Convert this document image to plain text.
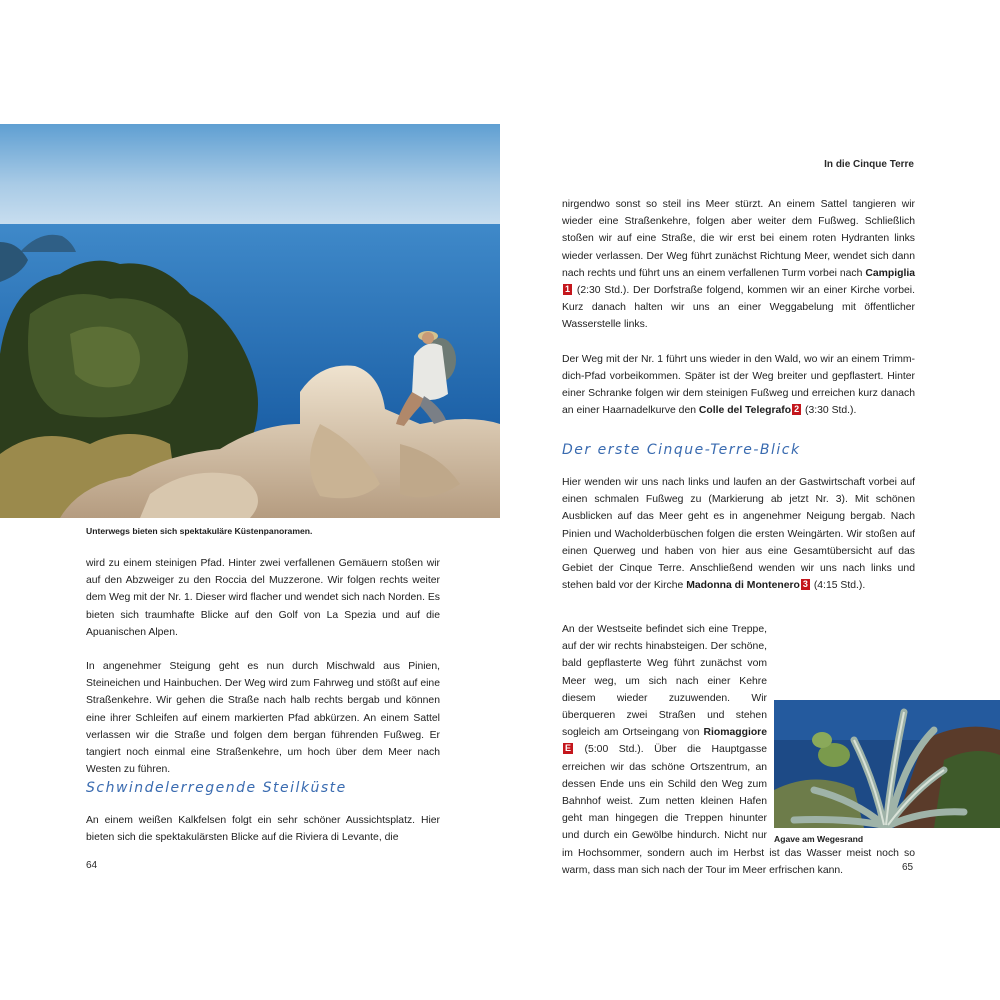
Unterwegs bieten sich spektakuläre Küstenpanoramen.

wird zu einem steinigen Pfad. Hinter zwei verfallenen Gemäuern stoßen wir auf den Abzweiger zu den Roccia del Muzzerone. Wir folgen rechts weiter dem Weg mit der Nr. 1. Dieser wird flacher und wendet sich nach Norden. Es bieten sich traumhafte Blicke auf den Golf von La Spezia und auf die Apuanischen Alpen.

In angenehmer Steigung geht es nun durch Mischwald aus Pinien, Steineichen und Hainbuchen. Der Weg wird zum Fahrweg und stößt auf eine Straßenkehre. Wir gehen die Straße nach halb rechts bergab und können eine ihrer Schleifen auf einem markierten Pfad abkürzen. An einem Sattel verlassen wir die Straße und folgen dem bergan führenden Fußweg. Er tangiert noch einmal eine Straßenkehre, um hoch über dem Meer nach Westen zu führen.

Schwindelerregende Steilküste

An einem weißen Kalkfelsen folgt ein sehr schöner Aussichtsplatz. Hier bieten sich die spektakulärsten Blicke auf die Riviera di Levante, die

64
In die Cinque Terre

nirgendwo sonst so steil ins Meer stürzt. An einem Sattel tangieren wir wieder eine Straßenkehre, folgen aber weiter dem Fußweg. Schließlich stoßen wir auf eine Straße, die wir erst bei einem roten Hydranten links wieder verlassen. Der Weg führt zunächst Richtung Meer, wendet sich dann nach rechts und führt uns an einem verfallenen Turm vorbei nach Campiglia1 (2:30 Std.). Der Dorfstraße folgend, kommen wir an einer Kirche vorbei. Kurz danach halten wir uns an einer Weggabelung mit öffentlicher Wasserstelle links.

Der Weg mit der Nr. 1 führt uns wieder in den Wald, wo wir an einem Trimm-dich-Pfad vorbeikommen. Später ist der Weg breiter und gepflastert. Hinter einer Schranke folgen wir dem steinigen Fußweg und erreichen kurz danach an einer Haarnadelkurve den Colle del Telegrafo 2 (3:30 Std.).

Der erste Cinque-Terre-Blick

Hier wenden wir uns nach links und laufen an der Gastwirtschaft vorbei auf einen schmalen Fußweg zu (Markierung ab jetzt Nr. 3). Mit schönen Ausblicken auf das Meer geht es in angenehmer Neigung bergab. Nach Pinien und Wacholderbüschen folgen die ersten Weingärten. Wir stoßen auf einen Querweg und haben von hier aus eine Gesamtübersicht auf das Gebiet der Cinque Terre. Anschließend wenden wir uns nach links und stehen bald vor der Kirche Madonna di Montenero 3 (4:15 Std.).

An der Westseite befindet sich eine Treppe, auf der wir rechts hinabsteigen. Der schöne, bald gepflasterte Weg führt zunächst vom Meer weg, um sich nach einer Kehre diesem wieder zuzuwenden. Wir überqueren zwei Straßen und stehen sogleich am Ortseingang von Riomaggiore E (5:00 Std.). Über die Hauptgasse erreichen wir das schöne Ortszentrum, an dessen Ende uns ein Schild den Weg zum Bahnhof weist. Zum netten kleinen Hafen geht man hingegen die Treppen hinunter und durch ein Gewölbe hindurch. Nicht nur im Hochsommer, sondern auch im Herbst ist das Wasser meist noch so warm, dass man sich nach der Tour im Meer erfrischen kann.

Agave am Wegesrand
65
